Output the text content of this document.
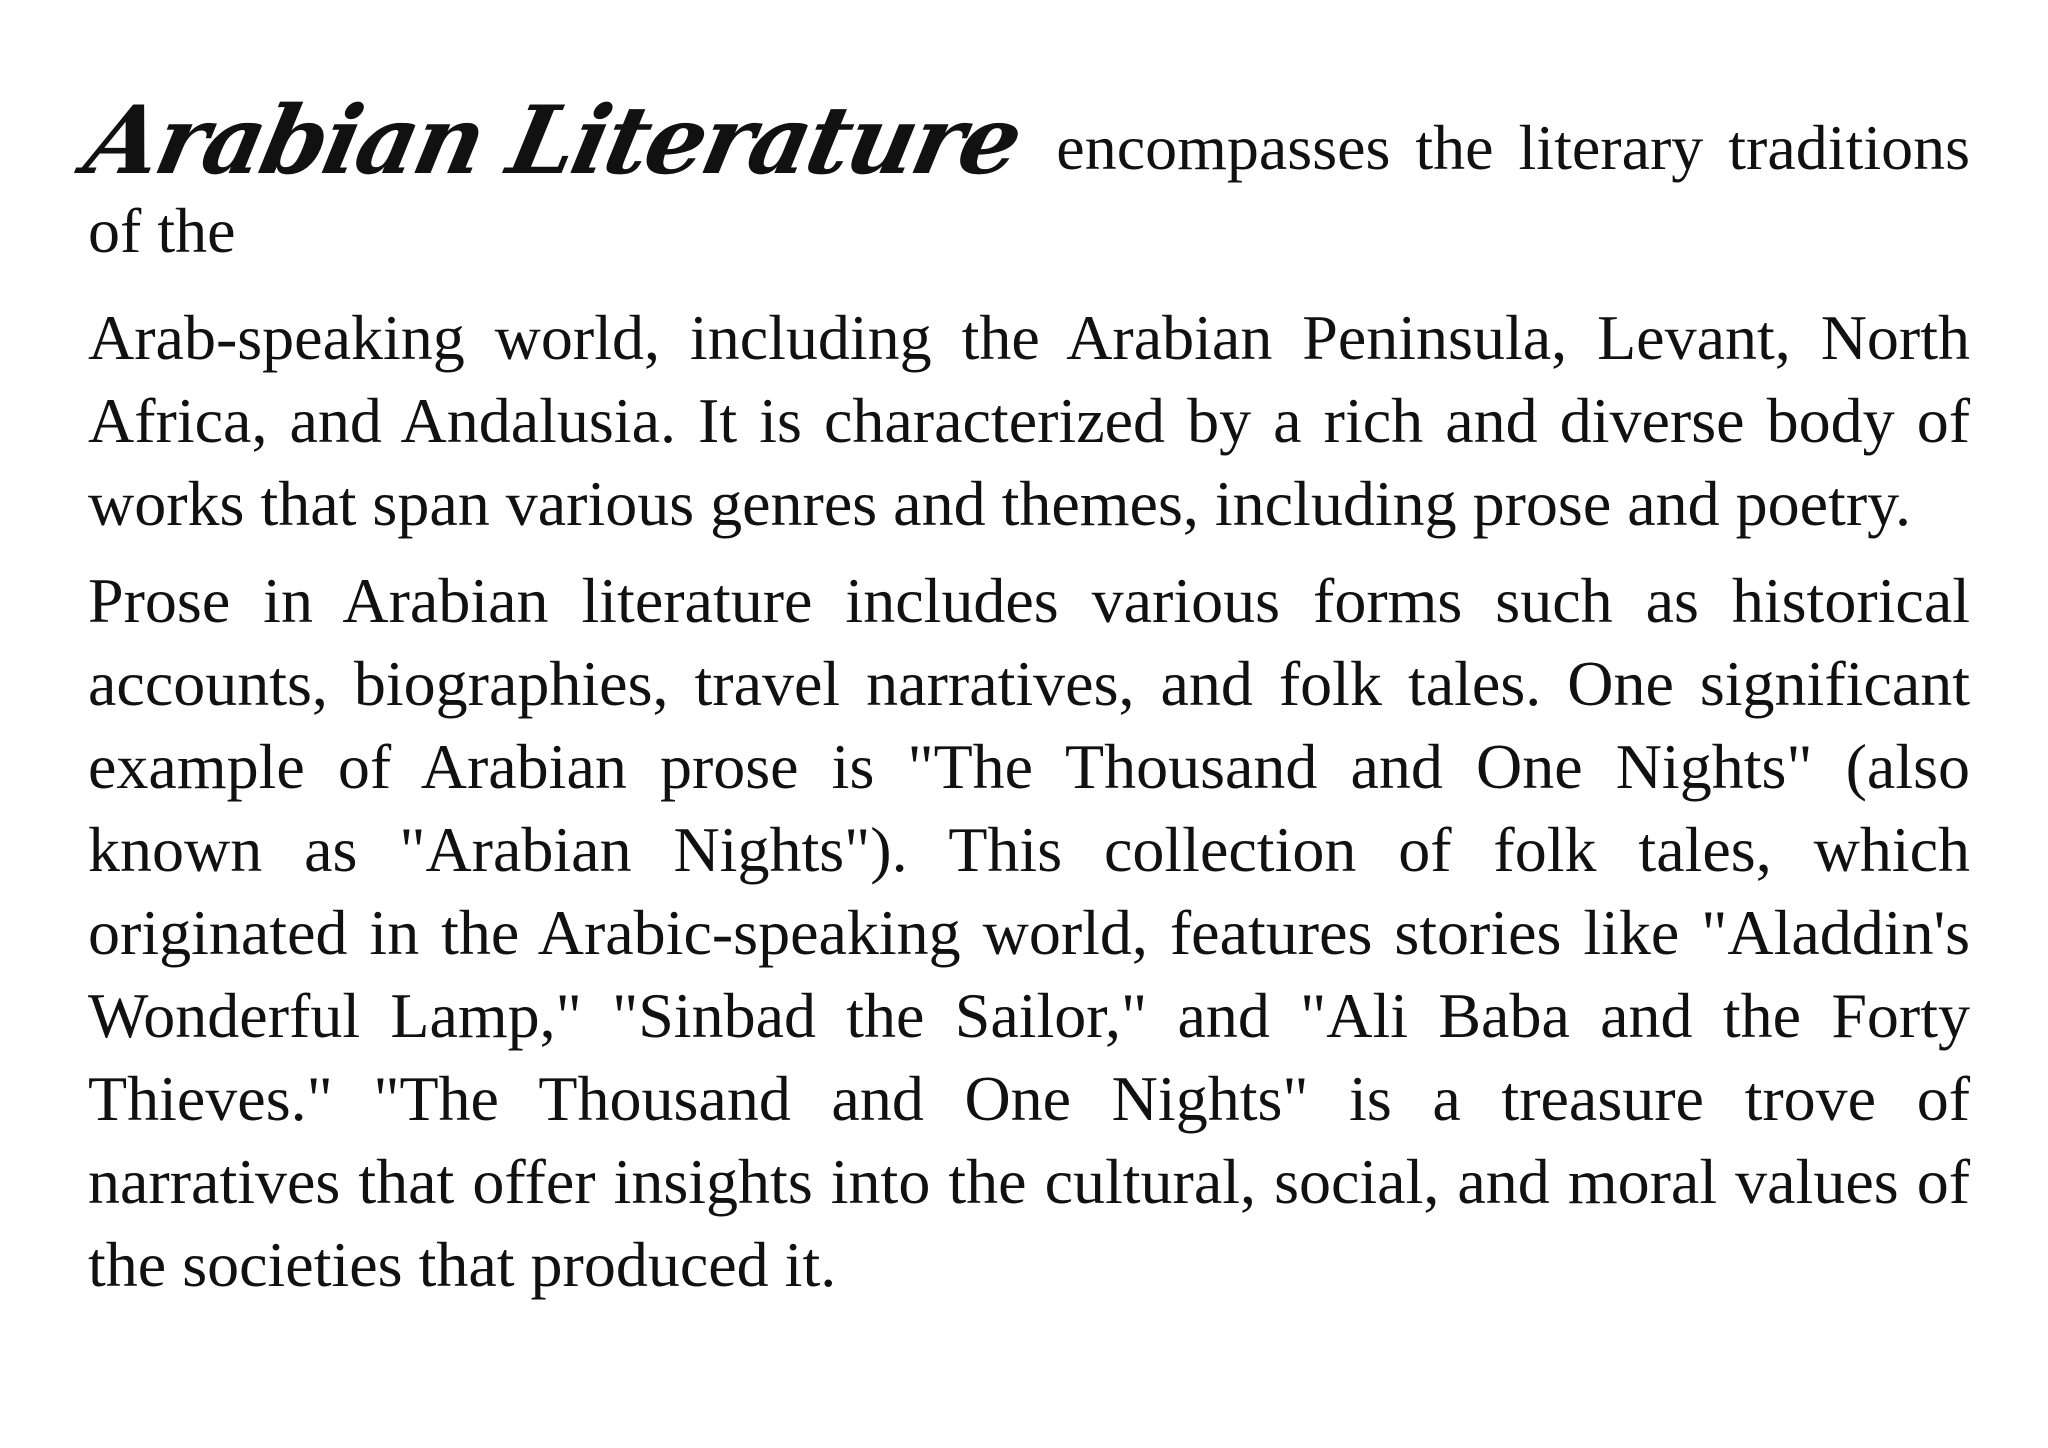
Arabian Literature encompasses the literary traditions of the
Arab-speaking world, including the Arabian Peninsula, Levant, North Africa, and Andalusia. It is characterized by a rich and diverse body of works that span various genres and themes, including prose and poetry.

Prose in Arabian literature includes various forms such as historical accounts, biographies, travel narratives, and folk tales. One significant example of Arabian prose is "The Thousand and One Nights" (also known as "Arabian Nights"). This collection of folk tales, which originated in the Arabic-speaking world, features stories like "Aladdin's Wonderful Lamp," "Sinbad the Sailor," and "Ali Baba and the Forty Thieves." "The Thousand and One Nights" is a treasure trove of narratives that offer insights into the cultural, social, and moral values of the societies that produced it.
